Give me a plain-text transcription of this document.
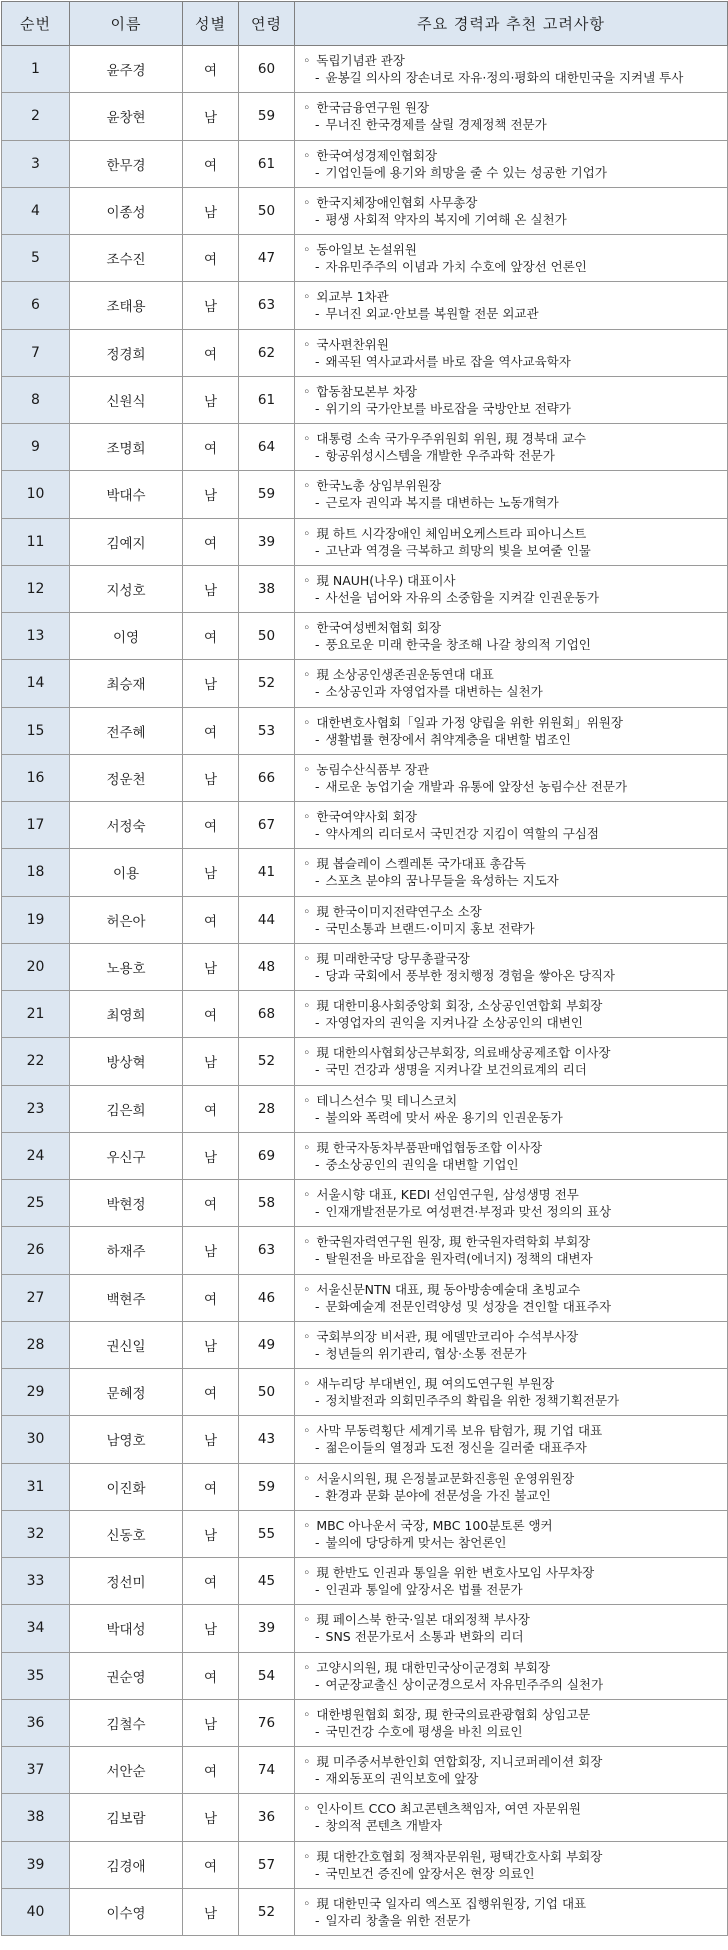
순번	이름	성별	연령	주요 경력과 추천 고려사항
1	윤주경	여	60	◦ 독립기념관 관장
- 윤봉길 의사의 장손녀로 자유·정의·평화의 대한민국을 지켜낼 투사

2	윤창현	남	59	◦ 한국금융연구원 원장
- 무너진 한국경제를 살릴 경제정책 전문가

3	한무경	여	61	◦ 한국여성경제인협회장
- 기업인들에 용기와 희망을 줄 수 있는 성공한 기업가

4	이종성	남	50	◦ 한국지체장애인협회 사무총장
- 평생 사회적 약자의 복지에 기여해 온 실천가

5	조수진	여	47	◦ 동아일보 논설위원
- 자유민주주의 이념과 가치 수호에 앞장선 언론인

6	조태용	남	63	◦ 외교부 1차관
- 무너진 외교·안보를 복원할 전문 외교관

7	정경희	여	62	◦ 국사편찬위원
- 왜곡된 역사교과서를 바로 잡을 역사교육학자

8	신원식	남	61	◦ 합동참모본부 차장
- 위기의 국가안보를 바로잡을 국방안보 전략가

9	조명희	여	64	◦ 대통령 소속 국가우주위원회 위원, 現 경북대 교수
- 항공위성시스템을 개발한 우주과학 전문가

10	박대수	남	59	◦ 한국노총 상임부위원장
- 근로자 권익과 복지를 대변하는 노동개혁가

11	김예지	여	39	◦ 現 하트 시각장애인 체임버오케스트라 피아니스트
- 고난과 역경을 극복하고 희망의 빛을 보여줄 인물

12	지성호	남	38	◦ 現 NAUH(나우) 대표이사
- 사선을 넘어와 자유의 소중함을 지켜갈 인권운동가

13	이영	여	50	◦ 한국여성벤처협회 회장
- 풍요로운 미래 한국을 창조해 나갈 창의적 기업인

14	최승재	남	52	◦ 現 소상공인생존권운동연대 대표
- 소상공인과 자영업자를 대변하는 실천가

15	전주혜	여	53	◦ 대한변호사협회「일과 가정 양립을 위한 위원회」위원장
- 생활법률 현장에서 취약계층을 대변할 법조인

16	정운천	남	66	◦ 농림수산식품부 장관
- 새로운 농업기술 개발과 유통에 앞장선 농림수산 전문가

17	서정숙	여	67	◦ 한국여약사회 회장
- 약사계의 리더로서 국민건강 지킴이 역할의 구심점

18	이용	남	41	◦ 現 봅슬레이 스켈레톤 국가대표 총감독
- 스포츠 분야의 꿈나무들을 육성하는 지도자

19	허은아	여	44	◦ 現 한국이미지전략연구소 소장
- 국민소통과 브랜드·이미지 홍보 전략가

20	노용호	남	48	◦ 現 미래한국당 당무총괄국장
- 당과 국회에서 풍부한 정치행정 경험을 쌓아온 당직자

21	최영희	여	68	◦ 現 대한미용사회중앙회 회장, 소상공인연합회 부회장
- 자영업자의 권익을 지켜나갈 소상공인의 대변인

22	방상혁	남	52	◦ 現 대한의사협회상근부회장, 의료배상공제조합 이사장
- 국민 건강과 생명을 지켜나갈 보건의료계의 리더

23	김은희	여	28	◦ 테니스선수 및 테니스코치
- 불의와 폭력에 맞서 싸운 용기의 인권운동가

24	우신구	남	69	◦ 現 한국자동차부품판매업협동조합 이사장
- 중소상공인의 권익을 대변할 기업인

25	박현정	여	58	◦ 서울시향 대표, KEDI 선임연구원, 삼성생명 전무
- 인재개발전문가로 여성편견·부정과 맞선 정의의 표상

26	하재주	남	63	◦ 한국원자력연구원 원장, 現 한국원자력학회 부회장
- 탈원전을 바로잡을 원자력(에너지) 정책의 대변자

27	백현주	여	46	◦ 서울신문NTN 대표, 現 동아방송예술대 초빙교수
- 문화예술계 전문인력양성 및 성장을 견인할 대표주자

28	권신일	남	49	◦ 국회부의장 비서관, 現 에델만코리아 수석부사장
- 청년들의 위기관리, 협상·소통 전문가

29	문혜정	여	50	◦ 새누리당 부대변인, 現 여의도연구원 부원장
- 정치발전과 의회민주주의 확립을 위한 정책기획전문가

30	남영호	남	43	◦ 사막 무동력횡단 세계기록 보유 탐험가, 現 기업 대표
- 젊은이들의 열정과 도전 정신을 길러줄 대표주자

31	이진화	여	59	◦ 서울시의원, 現 은정불교문화진흥원 운영위원장
- 환경과 문화 분야에 전문성을 가진 불교인

32	신동호	남	55	◦ MBC 아나운서 국장, MBC 100분토론 앵커
- 불의에 당당하게 맞서는 참언론인

33	정선미	여	45	◦ 現 한반도 인권과 통일을 위한 변호사모임 사무차장
- 인권과 통일에 앞장서온 법률 전문가

34	박대성	남	39	◦ 現 페이스북 한국·일본 대외정책 부사장
- SNS 전문가로서 소통과 변화의 리더

35	권순영	여	54	◦ 고양시의원, 現 대한민국상이군경회 부회장
- 여군장교출신 상이군경으로서 자유민주주의 실천가

36	김철수	남	76	◦ 대한병원협회 회장, 現 한국의료관광협회 상임고문
- 국민건강 수호에 평생을 바친 의료인

37	서안순	여	74	◦ 現 미주중서부한인회 연합회장, 지니코퍼레이션 회장
- 재외동포의 권익보호에 앞장

38	김보람	남	36	◦ 인사이트 CCO 최고콘텐츠책임자, 여연 자문위원
- 창의적 콘텐츠 개발자

39	김경애	여	57	◦ 現 대한간호협회 정책자문위원, 평택간호사회 부회장
- 국민보건 증진에 앞장서온 현장 의료인

40	이수영	남	52	◦ 現 대한민국 일자리 엑스포 집행위원장, 기업 대표
- 일자리 창출을 위한 전문가
